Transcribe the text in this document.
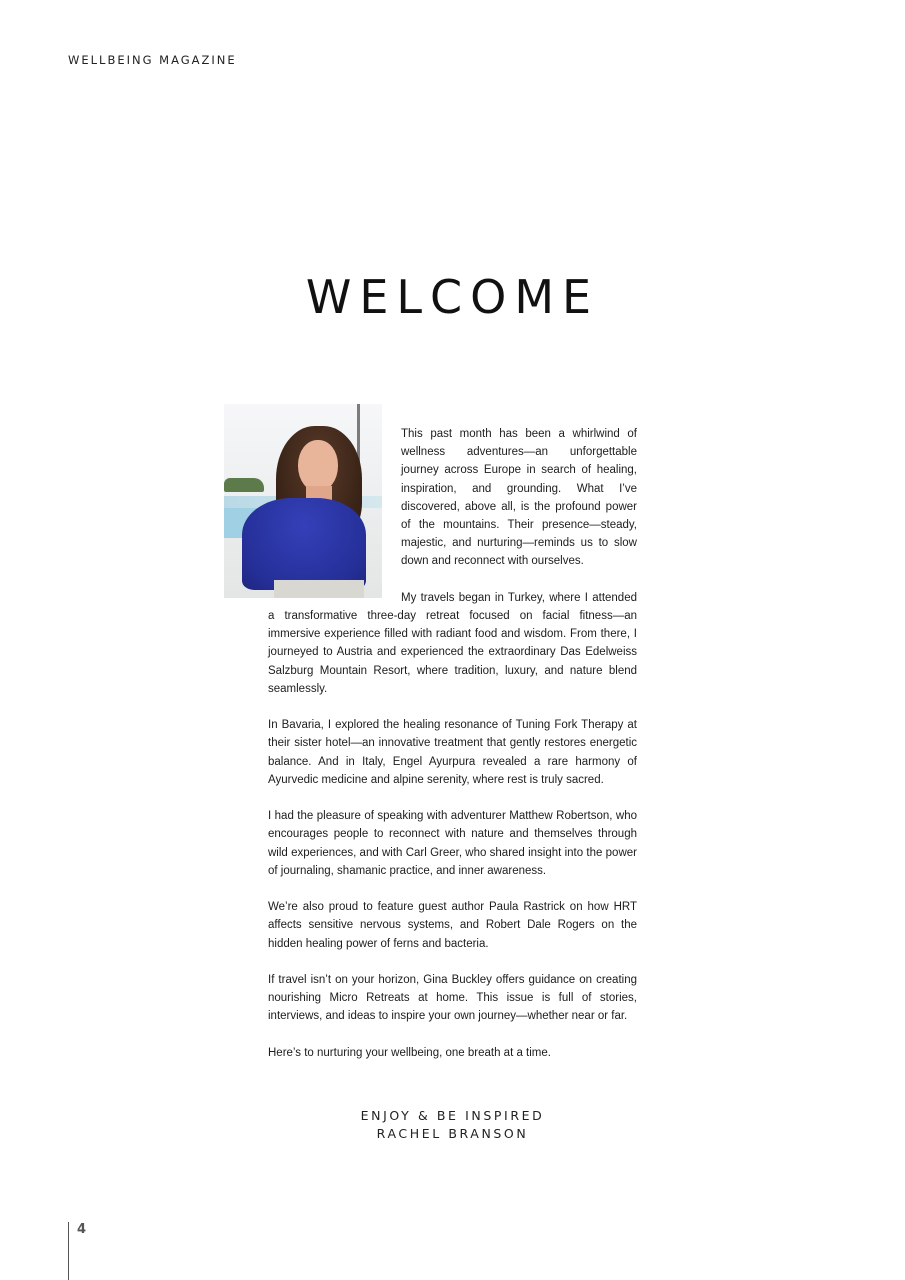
WELLBEING MAGAZINE
WELCOME

This past month has been a whirlwind of wellness adventures—an unforgettable journey across Europe in search of healing, inspiration, and grounding. What I’ve discovered, above all, is the profound power of the mountains. Their presence—steady, majestic, and nurturing—reminds us to slow down and reconnect with ourselves.

My travels began in Turkey, where I attended a transformative three-day retreat focused on facial fitness—an immersive experience filled with radiant food and wisdom. From there, I journeyed to Austria and experienced the extraordinary Das Edelweiss Salzburg Mountain Resort, where tradition, luxury, and nature blend seamlessly.

In Bavaria, I explored the healing resonance of Tuning Fork Therapy at their sister hotel—an innovative treatment that gently restores energetic balance. And in Italy, Engel Ayurpura revealed a rare harmony of Ayurvedic medicine and alpine serenity, where rest is truly sacred.

I had the pleasure of speaking with adventurer Matthew Robertson, who encourages people to reconnect with nature and themselves through wild experiences, and with Carl Greer, who shared insight into the power of journaling, shamanic practice, and inner awareness.

We’re also proud to feature guest author Paula Rastrick on how HRT affects sensitive nervous systems, and Robert Dale Rogers on the hidden healing power of ferns and bacteria.

If travel isn’t on your horizon, Gina Buckley offers guidance on creating nourishing Micro Retreats at home. This issue is full of stories, interviews, and ideas to inspire your own journey—whether near or far.

Here’s to nurturing your wellbeing, one breath at a time.

ENJOY & BE INSPIRED
RACHEL BRANSON
4
